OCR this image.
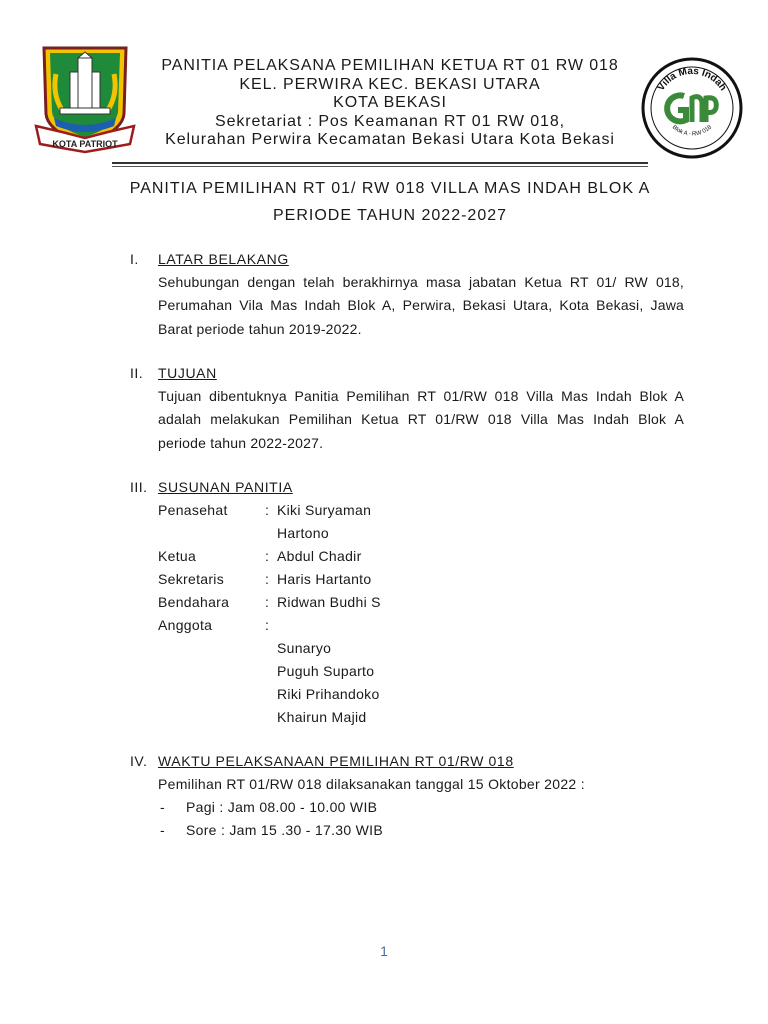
KOTA PATRIOT
PANITIA PELAKSANA PEMILIHAN KETUA RT 01 RW 018
KEL. PERWIRA KEC. BEKASI UTARA
KOTA BEKASI
Sekretariat : Pos Keamanan RT 01 RW 018,
Kelurahan Perwira Kecamatan Bekasi Utara Kota Bekasi
Villa Mas Indah
Blok A - RW 018
PANITIA PEMILIHAN RT 01/ RW 018 VILLA MAS INDAH BLOK A
PERIODE TAHUN 2022-2027
I. LATAR BELAKANG
Sehubungan dengan telah berakhirnya masa jabatan Ketua RT 01/ RW 018,
Perumahan Vila Mas Indah Blok A, Perwira, Bekasi Utara, Kota Bekasi, Jawa
Barat periode tahun 2019-2022.
II. TUJUAN
Tujuan dibentuknya Panitia Pemilihan RT 01/RW 018 Villa Mas Indah Blok A
adalah melakukan Pemilihan Ketua RT 01/RW 018 Villa Mas Indah Blok A
periode tahun 2022-2027.
III. SUSUNAN PANITIA
Penasehat	: Kiki Suryaman
Hartono
Ketua	: Abdul Chadir
Sekretaris	: Haris Hartanto
Bendahara	: Ridwan Budhi S
Anggota	:
Sunaryo
Puguh Suparto
Riki Prihandoko
Khairun Majid
IV. WAKTU PELAKSANAAN PEMILIHAN RT 01/RW 018
Pemilihan RT 01/RW 018 dilaksanakan tanggal 15 Oktober 2022 :
- Pagi : Jam 08.00 - 10.00 WIB
- Sore : Jam 15 .30 - 17.30 WIB
1
